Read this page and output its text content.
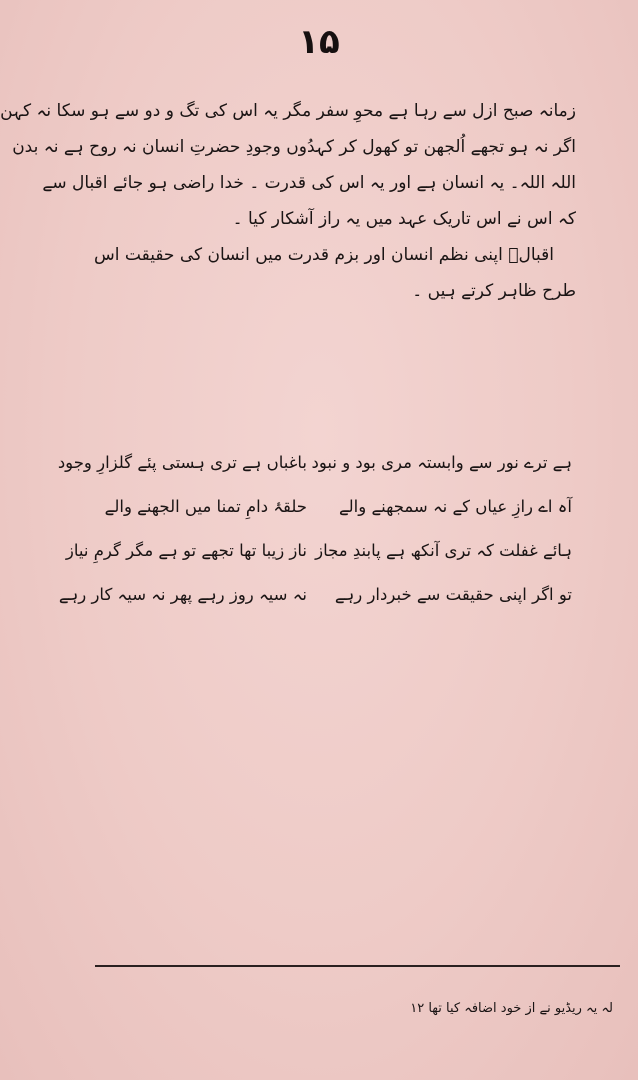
۱۵
زمانہ صبح ازل سے رہا ہے محوِ سفر مگر یہ اس کی تگ و دو سے ہو سکا نہ کہن
اگر نہ ہو تجھے اُلجھن تو کھول کر کہدُوں وجودِ حضرتِ انسان نہ روح ہے نہ بدن
اللہ اللہ۔ یہ انسان ہے اور یہ اس کی قدرت ۔ خدا راضی ہو جائے اقبال سے
کہ اس نے اس تاریک عہد میں یہ راز آشکار کیا ۔
اقبالؒ اپنی نظم انسان اور بزم قدرت میں انسان کی حقیقت اس
طرح ظاہر کرتے ہیں ۔
ہے ترے نور سے وابستہ مری بود و نبود
باغباں ہے تری ہستی پئے گلزارِ وجود
آہ اے رازِ عیاں کے نہ سمجھنے والے
حلقۂ دامِ تمنا میں الجھنے والے
ہائے غفلت کہ تری آنکھ ہے پابندِ مجاز
ناز زیبا تھا تجھے تو ہے مگر گرمِ نیاز
تو اگر اپنی حقیقت سے خبردار رہے
نہ سیہ روز رہے پھر نہ سیہ کار رہے
لہ یہ ریڈیو نے از خود اضافہ کیا تھا ۱۲
